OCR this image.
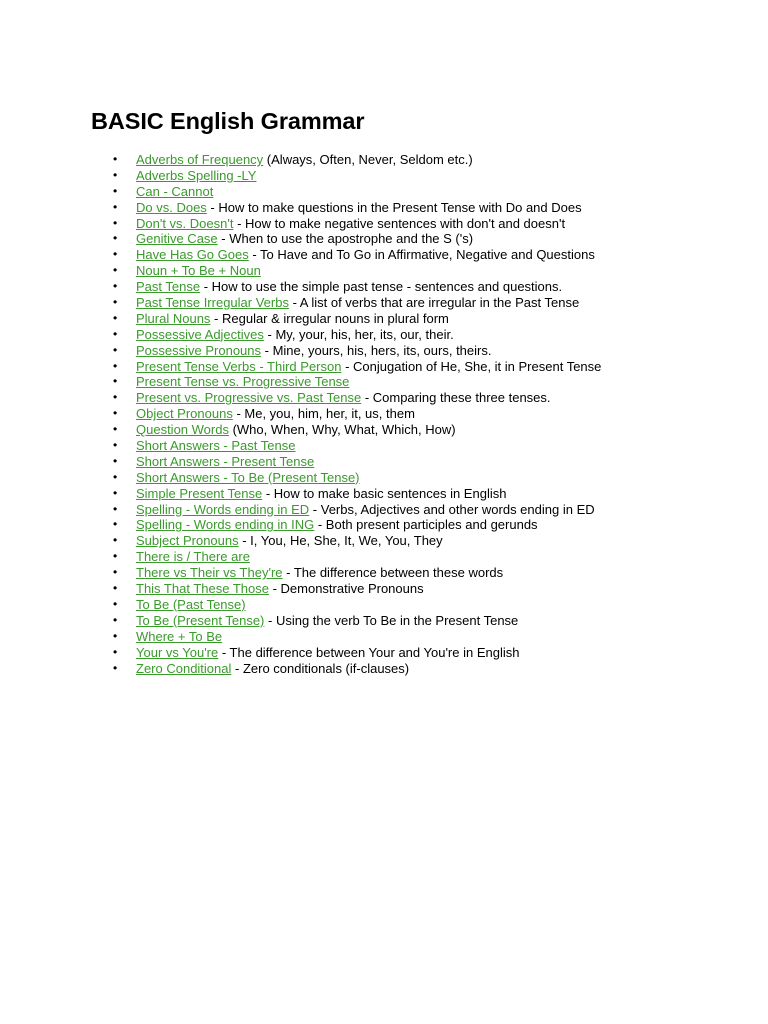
BASIC English Grammar
• Adverbs of Frequency (Always, Often, Never, Seldom etc.)
• Adverbs Spelling -LY
• Can - Cannot
• Do vs. Does - How to make questions in the Present Tense with Do and Does
• Don't vs. Doesn't - How to make negative sentences with don't and doesn't
• Genitive Case - When to use the apostrophe and the S ('s)
• Have Has Go Goes - To Have and To Go in Affirmative, Negative and Questions
• Noun + To Be + Noun
• Past Tense - How to use the simple past tense - sentences and questions.
• Past Tense Irregular Verbs - A list of verbs that are irregular in the Past Tense
• Plural Nouns - Regular & irregular nouns in plural form
• Possessive Adjectives - My, your, his, her, its, our, their.
• Possessive Pronouns - Mine, yours, his, hers, its, ours, theirs.
• Present Tense Verbs - Third Person - Conjugation of He, She, it in Present Tense
• Present Tense vs. Progressive Tense
• Present vs. Progressive vs. Past Tense - Comparing these three tenses.
• Object Pronouns - Me, you, him, her, it, us, them
• Question Words (Who, When, Why, What, Which, How)
• Short Answers - Past Tense
• Short Answers - Present Tense
• Short Answers - To Be (Present Tense)
• Simple Present Tense - How to make basic sentences in English
• Spelling - Words ending in ED - Verbs, Adjectives and other words ending in ED
• Spelling - Words ending in ING - Both present participles and gerunds
• Subject Pronouns - I, You, He, She, It, We, You, They
• There is / There are
• There vs Their vs They're - The difference between these words
• This That These Those - Demonstrative Pronouns
• To Be (Past Tense)
• To Be (Present Tense) - Using the verb To Be in the Present Tense
• Where + To Be
• Your vs You're - The difference between Your and You're in English
• Zero Conditional - Zero conditionals (if-clauses)
